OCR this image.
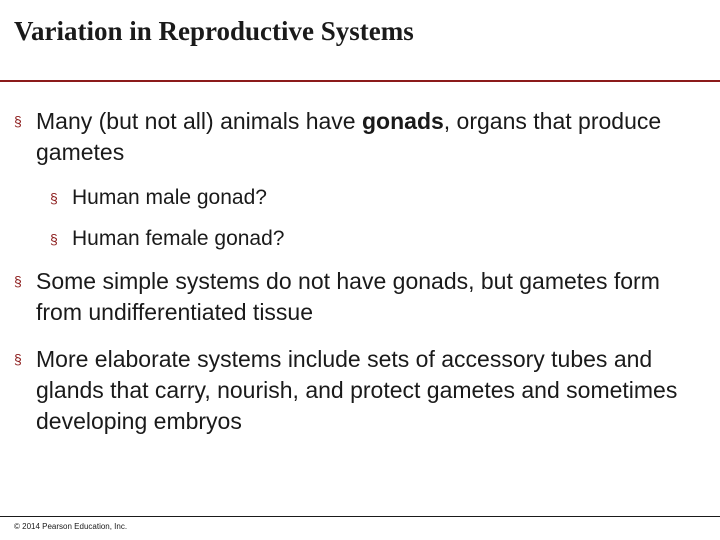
Variation in Reproductive Systems
§ Many (but not all) animals have gonads, organs that produce gametes
§ Human male gonad?
§ Human female gonad?
§ Some simple systems do not have gonads, but gametes form from undifferentiated tissue
§ More elaborate systems include sets of accessory tubes and glands that carry, nourish, and protect gametes and sometimes developing embryos
© 2014 Pearson Education, Inc.
